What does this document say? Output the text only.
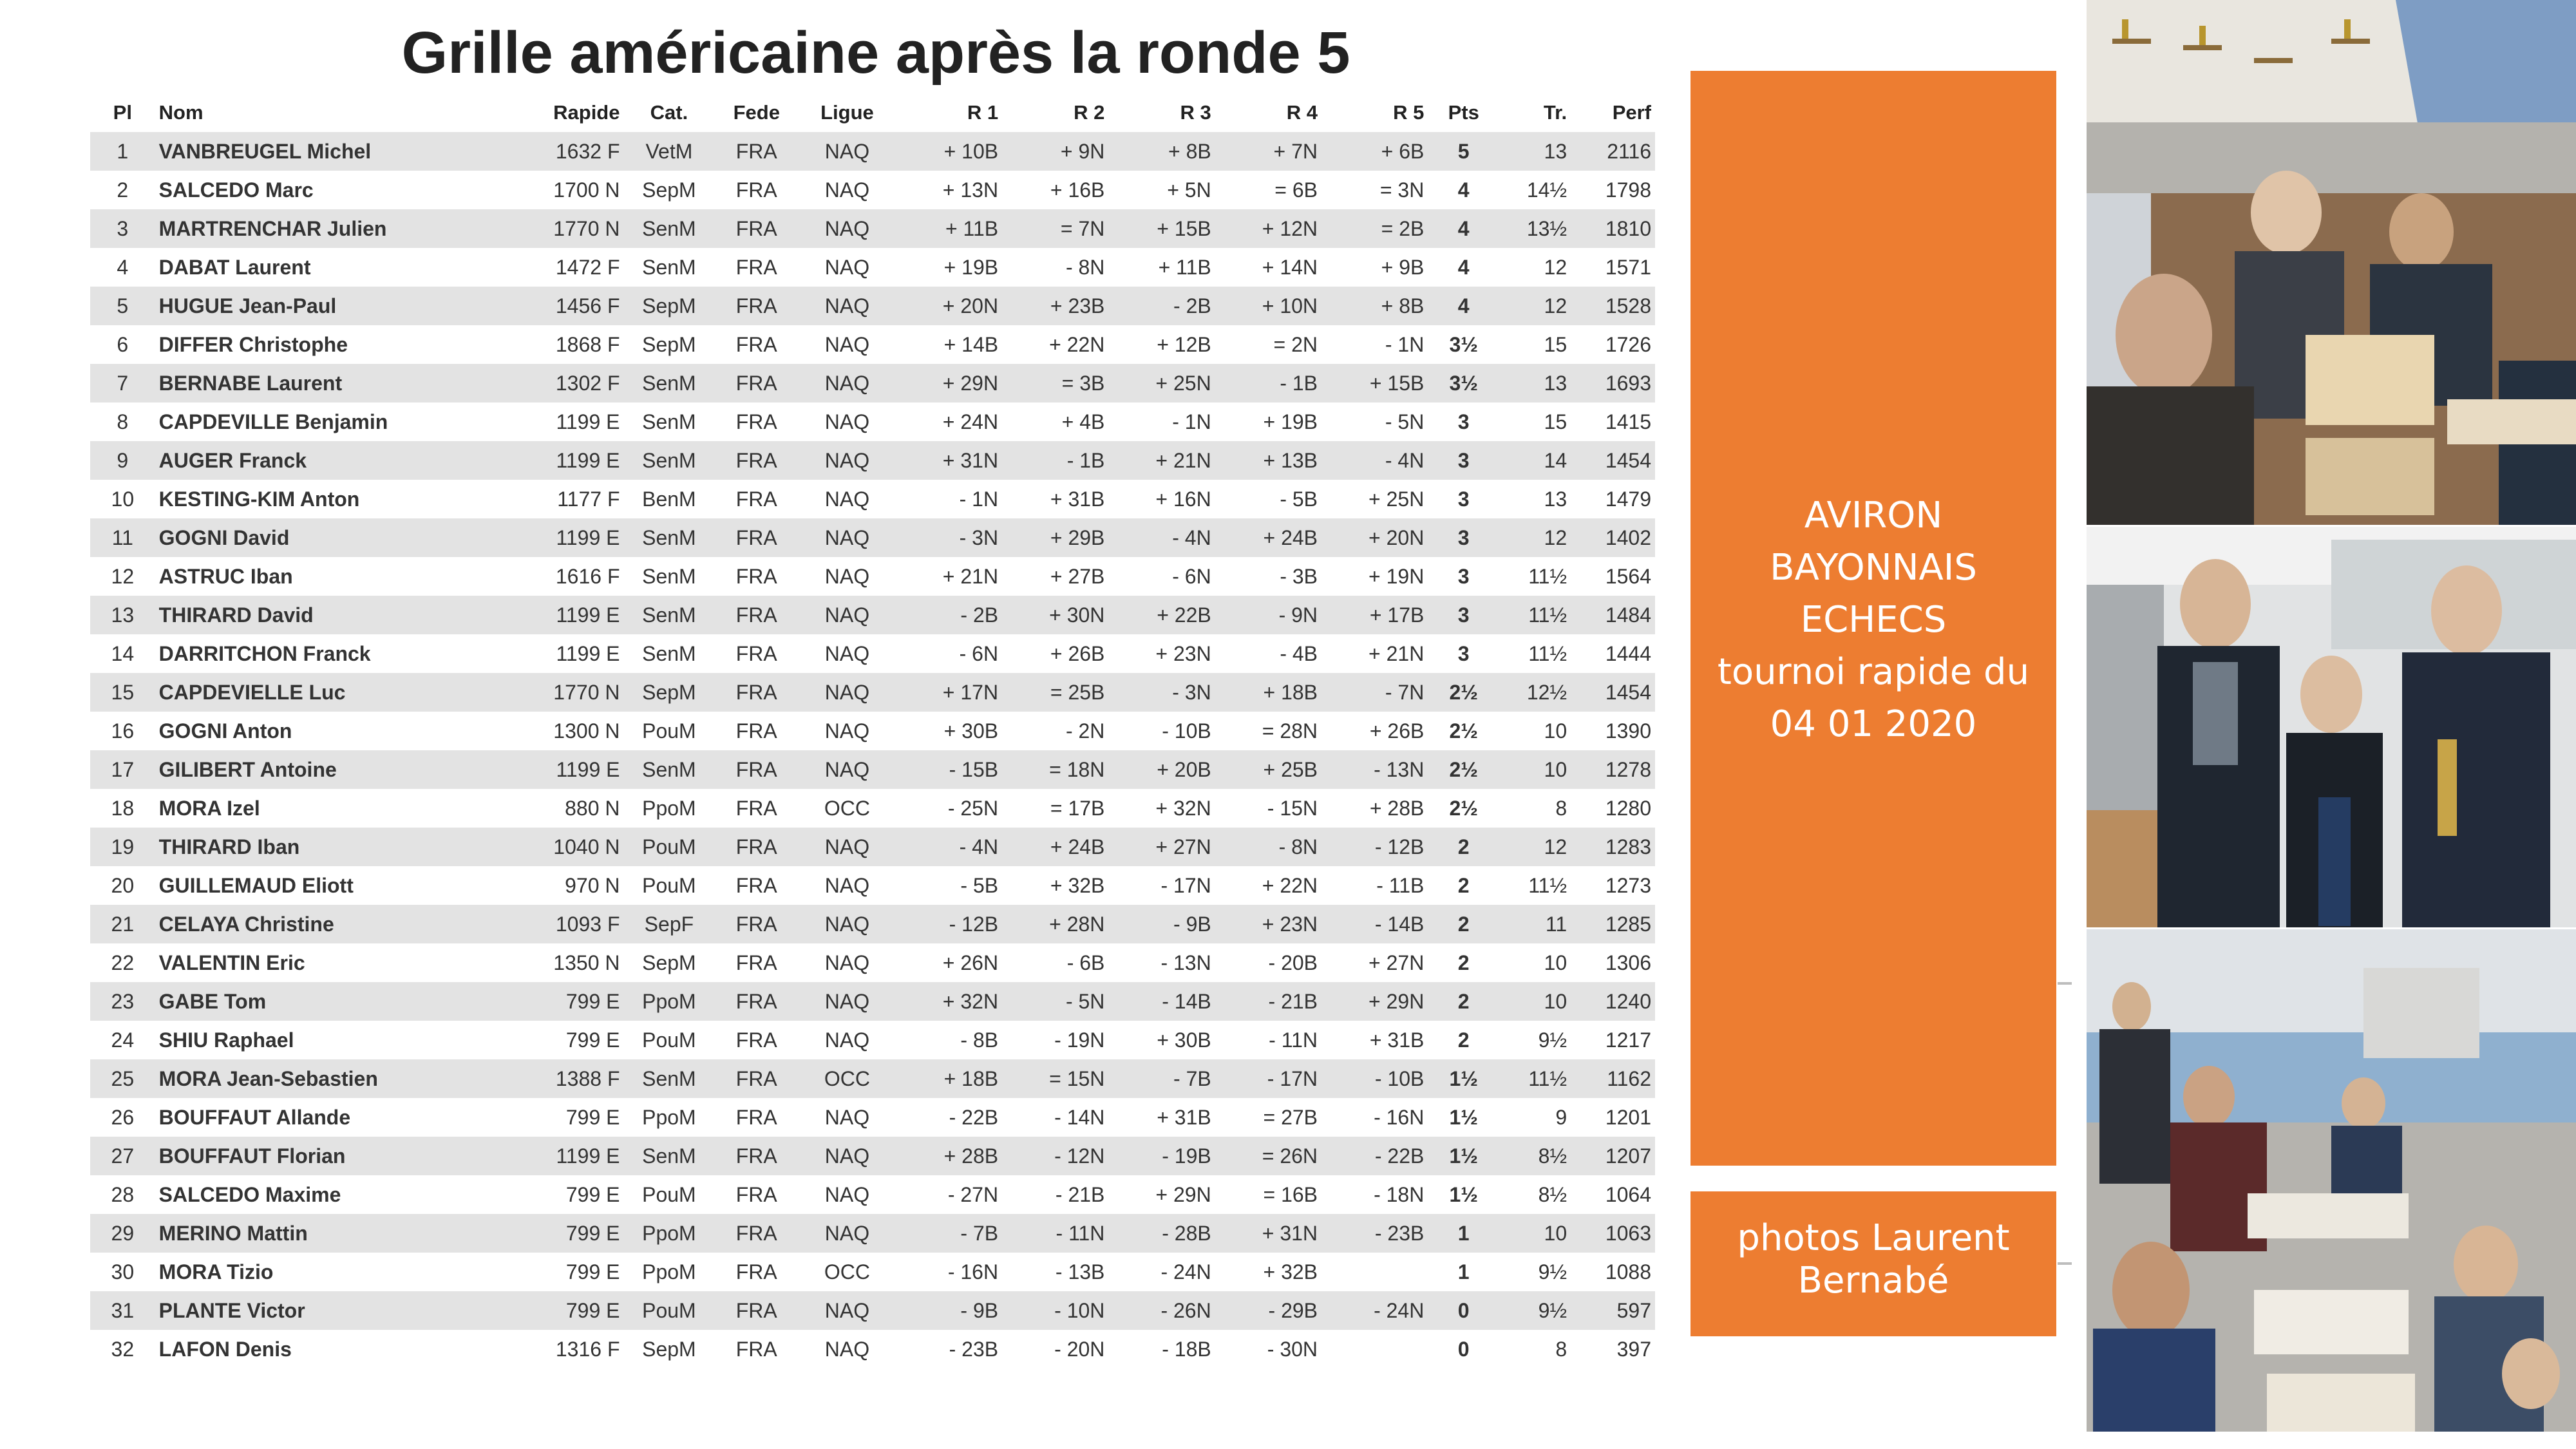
Grille américaine après la ronde 5
Pl	Nom	Rapide	Cat.	Fede	Ligue	R 1	R 2	R 3	R 4	R 5	Pts	Tr.	Perf
1	VANBREUGEL Michel	1632 F	VetM	FRA	NAQ	+ 10B	+ 9N	+ 8B	+ 7N	+ 6B	5	13	2116
2	SALCEDO Marc	1700 N	SepM	FRA	NAQ	+ 13N	+ 16B	+ 5N	= 6B	= 3N	4	14½	1798
3	MARTRENCHAR Julien	1770 N	SenM	FRA	NAQ	+ 11B	= 7N	+ 15B	+ 12N	= 2B	4	13½	1810
4	DABAT Laurent	1472 F	SenM	FRA	NAQ	+ 19B	- 8N	+ 11B	+ 14N	+ 9B	4	12	1571
5	HUGUE Jean-Paul	1456 F	SepM	FRA	NAQ	+ 20N	+ 23B	- 2B	+ 10N	+ 8B	4	12	1528
6	DIFFER Christophe	1868 F	SepM	FRA	NAQ	+ 14B	+ 22N	+ 12B	= 2N	- 1N	3½	15	1726
7	BERNABE Laurent	1302 F	SenM	FRA	NAQ	+ 29N	= 3B	+ 25N	- 1B	+ 15B	3½	13	1693
8	CAPDEVILLE Benjamin	1199 E	SenM	FRA	NAQ	+ 24N	+ 4B	- 1N	+ 19B	- 5N	3	15	1415
9	AUGER Franck	1199 E	SenM	FRA	NAQ	+ 31N	- 1B	+ 21N	+ 13B	- 4N	3	14	1454
10	KESTING-KIM Anton	1177 F	BenM	FRA	NAQ	- 1N	+ 31B	+ 16N	- 5B	+ 25N	3	13	1479
11	GOGNI David	1199 E	SenM	FRA	NAQ	- 3N	+ 29B	- 4N	+ 24B	+ 20N	3	12	1402
12	ASTRUC Iban	1616 F	SenM	FRA	NAQ	+ 21N	+ 27B	- 6N	- 3B	+ 19N	3	11½	1564
13	THIRARD David	1199 E	SenM	FRA	NAQ	- 2B	+ 30N	+ 22B	- 9N	+ 17B	3	11½	1484
14	DARRITCHON Franck	1199 E	SenM	FRA	NAQ	- 6N	+ 26B	+ 23N	- 4B	+ 21N	3	11½	1444
15	CAPDEVIELLE Luc	1770 N	SepM	FRA	NAQ	+ 17N	= 25B	- 3N	+ 18B	- 7N	2½	12½	1454
16	GOGNI Anton	1300 N	PouM	FRA	NAQ	+ 30B	- 2N	- 10B	= 28N	+ 26B	2½	10	1390
17	GILIBERT Antoine	1199 E	SenM	FRA	NAQ	- 15B	= 18N	+ 20B	+ 25B	- 13N	2½	10	1278
18	MORA Izel	880 N	PpoM	FRA	OCC	- 25N	= 17B	+ 32N	- 15N	+ 28B	2½	8	1280
19	THIRARD Iban	1040 N	PouM	FRA	NAQ	- 4N	+ 24B	+ 27N	- 8N	- 12B	2	12	1283
20	GUILLEMAUD Eliott	970 N	PouM	FRA	NAQ	- 5B	+ 32B	- 17N	+ 22N	- 11B	2	11½	1273
21	CELAYA Christine	1093 F	SepF	FRA	NAQ	- 12B	+ 28N	- 9B	+ 23N	- 14B	2	11	1285
22	VALENTIN Eric	1350 N	SepM	FRA	NAQ	+ 26N	- 6B	- 13N	- 20B	+ 27N	2	10	1306
23	GABE Tom	799 E	PpoM	FRA	NAQ	+ 32N	- 5N	- 14B	- 21B	+ 29N	2	10	1240
24	SHIU Raphael	799 E	PouM	FRA	NAQ	- 8B	- 19N	+ 30B	- 11N	+ 31B	2	9½	1217
25	MORA Jean-Sebastien	1388 F	SenM	FRA	OCC	+ 18B	= 15N	- 7B	- 17N	- 10B	1½	11½	1162
26	BOUFFAUT Allande	799 E	PpoM	FRA	NAQ	- 22B	- 14N	+ 31B	= 27B	- 16N	1½	9	1201
27	BOUFFAUT Florian	1199 E	SenM	FRA	NAQ	+ 28B	- 12N	- 19B	= 26N	- 22B	1½	8½	1207
28	SALCEDO Maxime	799 E	PouM	FRA	NAQ	- 27N	- 21B	+ 29N	= 16B	- 18N	1½	8½	1064
29	MERINO Mattin	799 E	PpoM	FRA	NAQ	- 7B	- 11N	- 28B	+ 31N	- 23B	1	10	1063
30	MORA Tizio	799 E	PpoM	FRA	OCC	- 16N	- 13B	- 24N	+ 32B		1	9½	1088
31	PLANTE Victor	799 E	PouM	FRA	NAQ	- 9B	- 10N	- 26N	- 29B	- 24N	0	9½	597
32	LAFON Denis	1316 F	SepM	FRA	NAQ	- 23B	- 20N	- 18B	- 30N		0	8	397
AVIRON
BAYONNAIS
ECHECS
tournoi rapide du
04 01 2020
photos Laurent
Bernabé
